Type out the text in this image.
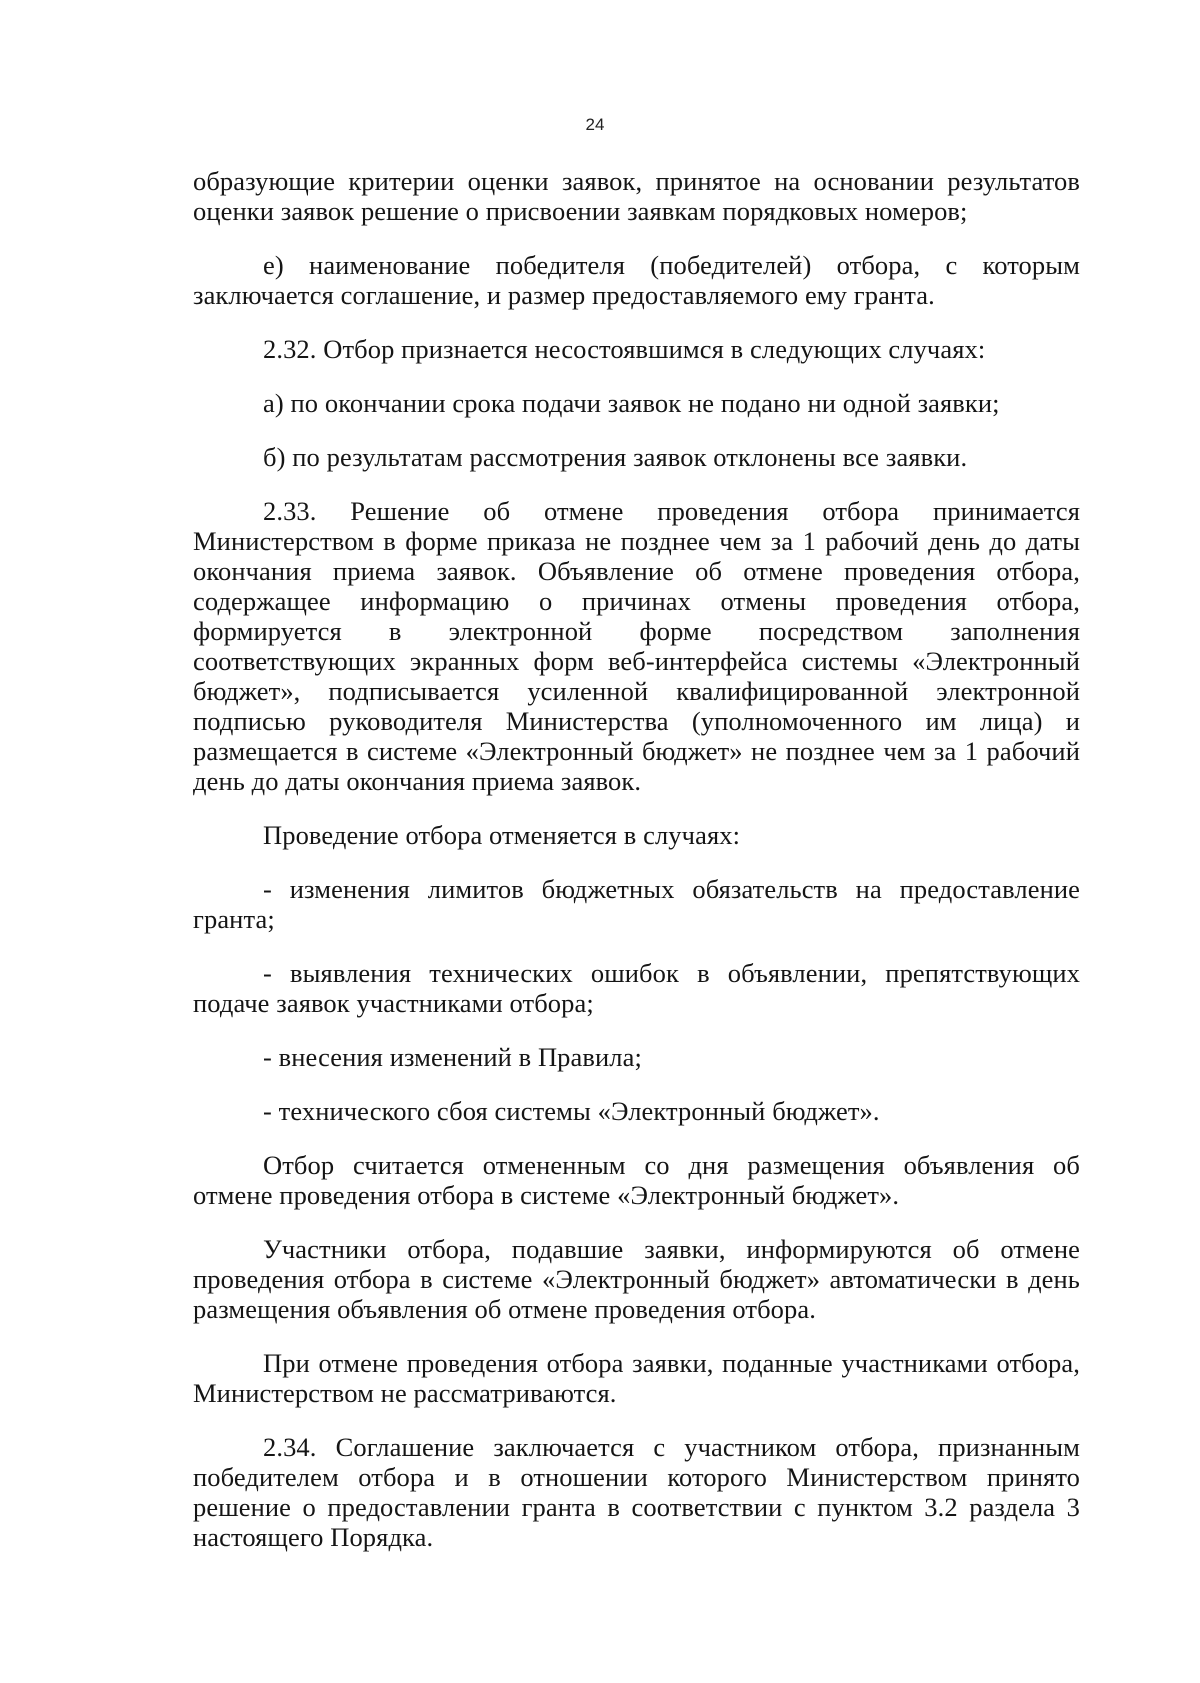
24

образующие критерии оценки заявок, принятое на основании результатов оценки заявок решение о присвоении заявкам порядковых номеров;

е) наименование победителя (победителей) отбора, с которым заключается соглашение, и размер предоставляемого ему гранта.

2.32. Отбор признается несостоявшимся в следующих случаях:

а) по окончании срока подачи заявок не подано ни одной заявки;

б) по результатам рассмотрения заявок отклонены все заявки.

2.33. Решение об отмене проведения отбора принимается Министерством в форме приказа не позднее чем за 1 рабочий день до даты окончания приема заявок. Объявление об отмене проведения отбора, содержащее информацию о причинах отмены проведения отбора, формируется в электронной форме посредством заполнения соответствующих экранных форм веб-интерфейса системы «Электронный бюджет», подписывается усиленной квалифицированной электронной подписью руководителя Министерства (уполномоченного им лица) и размещается в системе «Электронный бюджет» не позднее чем за 1 рабочий день до даты окончания приема заявок.

Проведение отбора отменяется в случаях:

- изменения лимитов бюджетных обязательств на предоставление гранта;

- выявления технических ошибок в объявлении, препятствующих подаче заявок участниками отбора;

- внесения изменений в Правила;

- технического сбоя системы «Электронный бюджет».

Отбор считается отмененным со дня размещения объявления об отмене проведения отбора в системе «Электронный бюджет».

Участники отбора, подавшие заявки, информируются об отмене проведения отбора в системе «Электронный бюджет» автоматически в день размещения объявления об отмене проведения отбора.

При отмене проведения отбора заявки, поданные участниками отбора, Министерством не рассматриваются.

2.34. Соглашение заключается с участником отбора, признанным победителем отбора и в отношении которого Министерством принято решение о предоставлении гранта в соответствии с пунктом 3.2 раздела 3 настоящего Порядка.
